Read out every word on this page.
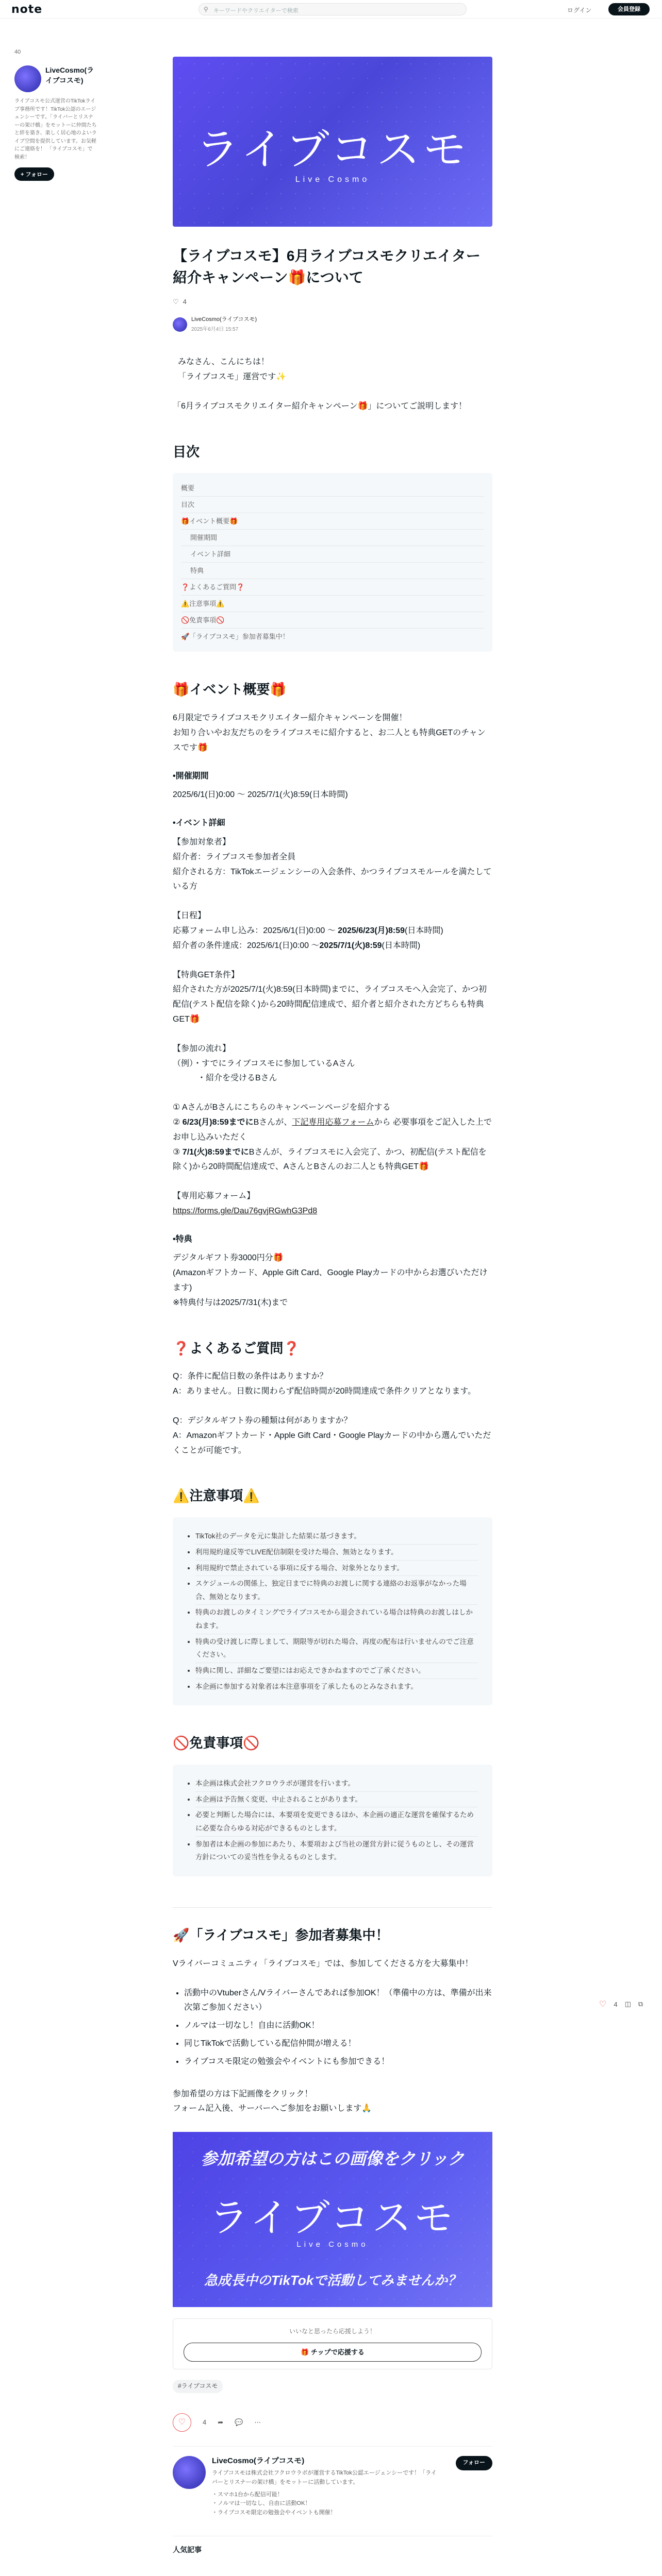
note	⚲ キーワードやクリエイターで検索	ログイン	会員登録
40
LiveCosmo(ライブコスモ)
ライブコスモ公式運営のTikTokライブ事務所です！TikTok公認のエージェンシーです。「ライバーとリスナーの架け橋」をモットーに仲間たちと絆を築き、楽しく居心地のよいライブ空間を提供しています。お気軽にご連絡を！ 「ライブコスモ」で検索！
+ フォロー	ライブコスモ
Live Cosmo
【ライブコスモ】6月ライブコスモクリエイター紹介キャンペーン🎁について
♡ 4
LiveCosmo(ライブコスモ)
2025年6月4日 15:57

みなさん、こんにちは！

「ライブコスモ」運営です✨

「6月ライブコスモクリエイター紹介キャンペーン🎁」についてご説明します！

目次
概要
目次
🎁イベント概要🎁
開催期間
イベント詳細
特典
❓よくあるご質問❓
⚠️注意事項⚠️
🚫免責事項🚫
🚀「ライブコスモ」参加者募集中！
🎁イベント概要🎁

6月限定でライブコスモクリエイター紹介キャンペーンを開催！

お知り合いやお友だちのをライブコスモに紹介すると、お二人とも特典GETのチャンスです🎁

•開催期間

2025/6/1(日)0:00 〜 2025/7/1(火)8:59(日本時間)

•イベント詳細

【参加対象者】

紹介者：ライブコスモ参加者全員

紹介される方：TikTokエージェンシーの入会条件、かつライブコスモルールを満たしている方

【日程】

応募フォーム申し込み：2025/6/1(日)0:00 〜 2025/6/23(月)8:59(日本時間)

紹介者の条件達成：2025/6/1(日)0:00 〜2025/7/1(火)8:59(日本時間)

【特典GET条件】

紹介された方が2025/7/1(火)8:59(日本時間)までに、ライブコスモへ入会完了、かつ初配信(テスト配信を除く)から20時間配信達成で、紹介者と紹介された方どちらも特典GET🎁

【参加の流れ】

（例）・すでにライブコスモに参加しているAさん

　　　・紹介を受けるBさん

① AさんがBさんにこちらのキャンペーンページを紹介する

② 6/23(月)8:59までにBさんが、下記専用応募フォームから 必要事項をご記入した上でお申し込みいただく

③ 7/1(火)8:59までにBさんが、ライブコスモに入会完了、かつ、初配信(テスト配信を除く)から20時間配信達成で、AさんとBさんのお二人とも特典GET🎁

【専用応募フォーム】

https://forms.gle/Dau76gvjRGwhG3Pd8

•特典

デジタルギフト券3000円分🎁

(Amazonギフトカード、Apple Gift Card、Google Playカードの中からお選びいただけます)

※特典付与は2025/7/31(木)まで

❓よくあるご質問❓

Q：条件に配信日数の条件はありますか？

A：ありません。日数に関わらず配信時間が20時間達成で条件クリアとなります。

Q：デジタルギフト券の種類は何がありますか？

A：Amazonギフトカード・Apple Gift Card・Google Playカードの中から選んでいただくことが可能です。

⚠️注意事項⚠️
• TikTok社のデータを元に集計した結果に基づきます。
• 利用規約違反等でLIVE配信制限を受けた場合、無効となります。
• 利用規約で禁止されている事項に反する場合、対象外となります。
• スケジュールの関係上、独定日までに特典のお渡しに関する連絡のお返事がなかった場合、無効となります。
• 特典のお渡しのタイミングでライブコスモから退会されている場合は特典のお渡しはしかねます。
• 特典の受け渡しに際しまして、期限等が切れた場合、再度の配布は行いませんのでご注意ください。
• 特典に関し、詳細なご要望にはお応えできかねますのでご了承ください。
• 本企画に参加する対象者は本注意事項を了承したものとみなされます。
🚫免責事項🚫
• 本企画は株式会社フクロウラボが運営を行います。
• 本企画は予告無く変更、中止されることがあります。
• 必要と判断した場合には、本要項を変更できるほか、本企画の適正な運営を確保するために必要な合らゆる対応ができるものとします。
• 参加者は本企画の参加にあたり、本要項および当社の運営方針に従うものとし、その運営方針についての妥当性を争えるものとします。
🚀「ライブコスモ」参加者募集中！

Vライバーコミュニティ「ライブコスモ」では、参加してくださる方を大募集中！

• 活動中のVtuberさん/Vライバーさんであれば参加OK！（準備中の方は、準備が出来次第ご参加ください）
• ノルマは一切なし！自由に活動OK！
• 同じTikTokで活動している配信仲間が増える！
• ライブコスモ限定の勉強会やイベントにも参加できる！

参加希望の方は下記画像をクリック！

フォーム記入後、サーバーへご参加をお願いします🙏

参加希望の方はこの画像をクリック
ライブコスモ
Live Cosmo
急成長中のTikTokで活動してみませんか？
いいなと思ったら応援しよう！
🎁 チップで応援する
#ライブコスモ
♡	4 ➦ 💬 ⋯
LiveCosmo(ライブコスモ)
ライブコスモは株式会社フクロウラボが運営するTikTok公認エージェンシーです！「ライバーとリスナーの架け橋」をモットーに活動しています。
・スマホ1台から配信可能！
・ノルマは一切なし、自由に活動OK！
・ライブコスモ限定の勉強会やイベントも開催！
フォロー
人気記事
♡ 4 ◫ ⧉
